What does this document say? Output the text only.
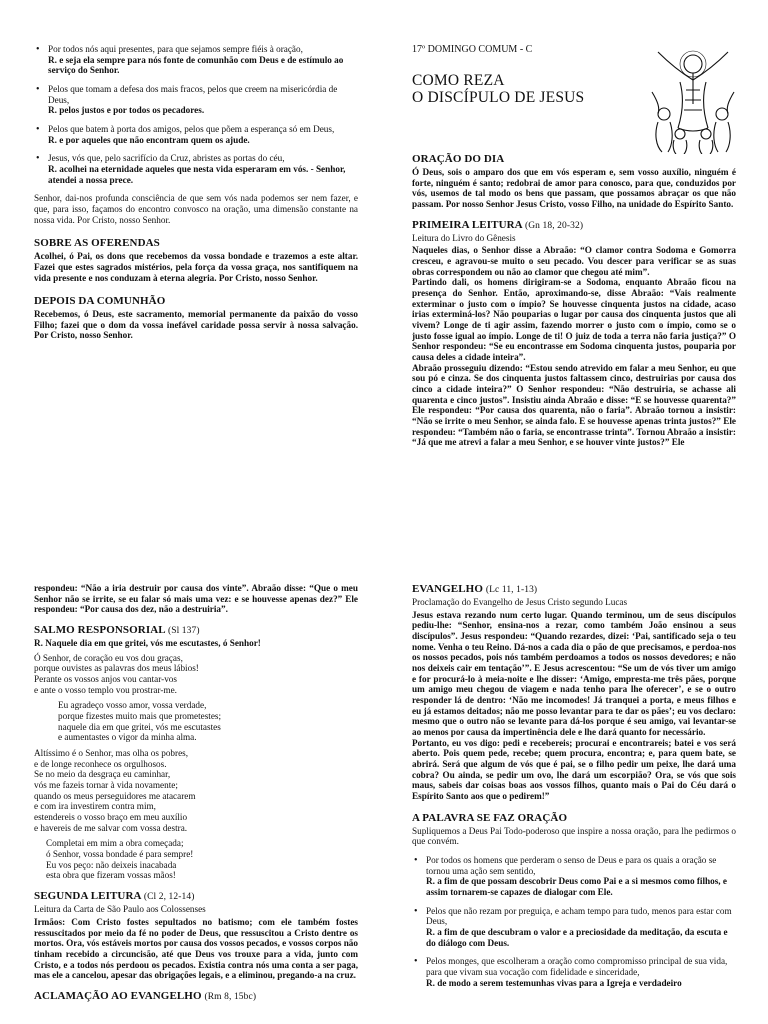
• Por todos nós aqui presentes, para que sejamos sempre fiéis à oração,
R. e seja ela sempre para nós fonte de comunhão com Deus e de estímulo ao serviço do Senhor.
• Pelos que tomam a defesa dos mais fracos, pelos que creem na misericórdia de Deus,
R. pelos justos e por todos os pecadores.
• Pelos que batem à porta dos amigos, pelos que põem a esperança só em Deus,
R. e por aqueles que não encontram quem os ajude.
• Jesus, vós que, pelo sacrifício da Cruz, abristes as portas do céu,
R. acolhei na eternidade aqueles que nesta vida esperaram em vós. - Senhor, atendei a nossa prece.

Senhor, dai-nos profunda consciência de que sem vós nada podemos ser nem fazer, e que, para isso, façamos do encontro convosco na oração, uma dimensão constante na nossa vida. Por Cristo, nosso Senhor.

SOBRE AS OFERENDAS

Acolhei, ó Pai, os dons que recebemos da vossa bondade e trazemos a este altar. Fazei que estes sagrados mistérios, pela força da vossa graça, nos santifiquem na vida presente e nos conduzam à eterna alegria. Por Cristo, nosso Senhor.

DEPOIS DA COMUNHÃO

Recebemos, ó Deus, este sacramento, memorial permanente da paixão do vosso Filho; fazei que o dom da vossa inefável caridade possa servir à nossa salvação. Por Cristo, nosso Senhor.

17º DOMINGO COMUM - C
COMO REZA
O DISCÍPULO DE JESUS
ORAÇÃO DO DIA

Ó Deus, sois o amparo dos que em vós esperam e, sem vosso auxílio, ninguém é forte, ninguém é santo; redobrai de amor para conosco, para que, conduzidos por vós, usemos de tal modo os bens que passam, que possamos abraçar os que não passam. Por nosso Senhor Jesus Cristo, vosso Filho, na unidade do Espírito Santo.

PRIMEIRA LEITURA (Gn 18, 20-32)
Leitura do Livro do Gênesis

Naqueles dias, o Senhor disse a Abraão: “O clamor contra Sodoma e Gomorra cresceu, e agravou-se muito o seu pecado. Vou descer para verificar se as suas obras correspondem ou não ao clamor que chegou até mim”.

Partindo dali, os homens dirigiram-se a Sodoma, enquanto Abraão ficou na presença do Senhor. Então, aproximando-se, disse Abraão: “Vais realmente exterminar o justo com o ímpio? Se houvesse cinquenta justos na cidade, acaso irias exterminá-los? Não pouparias o lugar por causa dos cinquenta justos que ali vivem? Longe de ti agir assim, fazendo morrer o justo com o ímpio, como se o justo fosse igual ao ímpio. Longe de ti! O juiz de toda a terra não faria justiça?” O Senhor respondeu: “Se eu encontrasse em Sodoma cinquenta justos, pouparia por causa deles a cidade inteira”.

Abraão prosseguiu dizendo: “Estou sendo atrevido em falar a meu Senhor, eu que sou pó e cinza. Se dos cinquenta justos faltassem cinco, destruirias por causa dos cinco a cidade inteira?” O Senhor respondeu: “Não destruiria, se achasse ali quarenta e cinco justos”. Insistiu ainda Abraão e disse: “E se houvesse quarenta?” Ele respondeu: “Por causa dos quarenta, não o faria”. Abraão tornou a insistir: “Não se irrite o meu Senhor, se ainda falo. E se houvesse apenas trinta justos?” Ele respondeu: “Também não o faria, se encontrasse trinta”. Tornou Abraão a insistir: “Já que me atrevi a falar a meu Senhor, e se houver vinte justos?” Ele

respondeu: “Não a iria destruir por causa dos vinte”. Abraão disse: “Que o meu Senhor não se irrite, se eu falar só mais uma vez: e se houvesse apenas dez?” Ele respondeu: “Por causa dos dez, não a destruiria”.

SALMO RESPONSORIAL (Sl 137)

R. Naquele dia em que gritei, vós me escutastes, ó Senhor!

Ó Senhor, de coração eu vos dou graças,

porque ouvistes as palavras dos meus lábios!

Perante os vossos anjos vou cantar-vos

e ante o vosso templo vou prostrar-me.

Eu agradeço vosso amor, vossa verdade,

porque fizestes muito mais que prometestes;

naquele dia em que gritei, vós me escutastes

e aumentastes o vigor da minha alma.

Altíssimo é o Senhor, mas olha os pobres,

e de longe reconhece os orgulhosos.

Se no meio da desgraça eu caminhar,

vós me fazeis tornar à vida novamente;

quando os meus perseguidores me atacarem

e com ira investirem contra mim,

estendereis o vosso braço em meu auxílio

e havereis de me salvar com vossa destra.

Completai em mim a obra começada;

ó Senhor, vossa bondade é para sempre!

Eu vos peço: não deixeis inacabada

esta obra que fizeram vossas mãos!

SEGUNDA LEITURA (Cl 2, 12-14)
Leitura da Carta de São Paulo aos Colossenses

Irmãos: Com Cristo fostes sepultados no batismo; com ele também fostes ressuscitados por meio da fé no poder de Deus, que ressuscitou a Cristo dentre os mortos. Ora, vós estáveis mortos por causa dos vossos pecados, e vossos corpos não tinham recebido a circuncisão, até que Deus vos trouxe para a vida, junto com Cristo, e a todos nós perdoou os pecados. Existia contra nós uma conta a ser paga, mas ele a cancelou, apesar das obrigações legais, e a eliminou, pregando-a na cruz.

ACLAMAÇÃO AO EVANGELHO (Rm 8, 15bc)
EVANGELHO (Lc 11, 1-13)
Proclamação do Evangelho de Jesus Cristo segundo Lucas

Jesus estava rezando num certo lugar. Quando terminou, um de seus discípulos pediu-lhe: “Senhor, ensina-nos a rezar, como também João ensinou a seus discípulos”. Jesus respondeu: “Quando rezardes, dizei: ‘Pai, santificado seja o teu nome. Venha o teu Reino. Dá-nos a cada dia o pão de que precisamos, e perdoa-nos os nossos pecados, pois nós também perdoamos a todos os nossos devedores; e não nos deixeis cair em tentação’”. E Jesus acrescentou: “Se um de vós tiver um amigo e for procurá-lo à meia-noite e lhe disser: ‘Amigo, empresta-me três pães, porque um amigo meu chegou de viagem e nada tenho para lhe oferecer’, e se o outro responder lá de dentro: ‘Não me incomodes! Já tranquei a porta, e meus filhos e eu já estamos deitados; não me posso levantar para te dar os pães’; eu vos declaro: mesmo que o outro não se levante para dá-los porque é seu amigo, vai levantar-se ao menos por causa da impertinência dele e lhe dará quanto for necessário.

Portanto, eu vos digo: pedi e recebereis; procurai e encontrareis; batei e vos será aberto. Pois quem pede, recebe; quem procura, encontra; e, para quem bate, se abrirá. Será que algum de vós que é pai, se o filho pedir um peixe, lhe dará uma cobra? Ou ainda, se pedir um ovo, lhe dará um escorpião? Ora, se vós que sois maus, sabeis dar coisas boas aos vossos filhos, quanto mais o Pai do Céu dará o Espírito Santo aos que o pedirem!”

A PALAVRA SE FAZ ORAÇÃO

Supliquemos a Deus Pai Todo-poderoso que inspire a nossa oração, para lhe pedirmos o que convém.

• Por todos os homens que perderam o senso de Deus e para os quais a oração se tornou uma ação sem sentido,
R. a fim de que possam descobrir Deus como Pai e a si mesmos como filhos, e assim tornarem-se capazes de dialogar com Ele.
• Pelos que não rezam por preguiça, e acham tempo para tudo, menos para estar com Deus,
R. a fim de que descubram o valor e a preciosidade da meditação, da escuta e do diálogo com Deus.
• Pelos monges, que escolheram a oração como compromisso principal de sua vida, para que vivam sua vocação com fidelidade e sinceridade,
R. de modo a serem testemunhas vivas para a Igreja e verdadeiro
